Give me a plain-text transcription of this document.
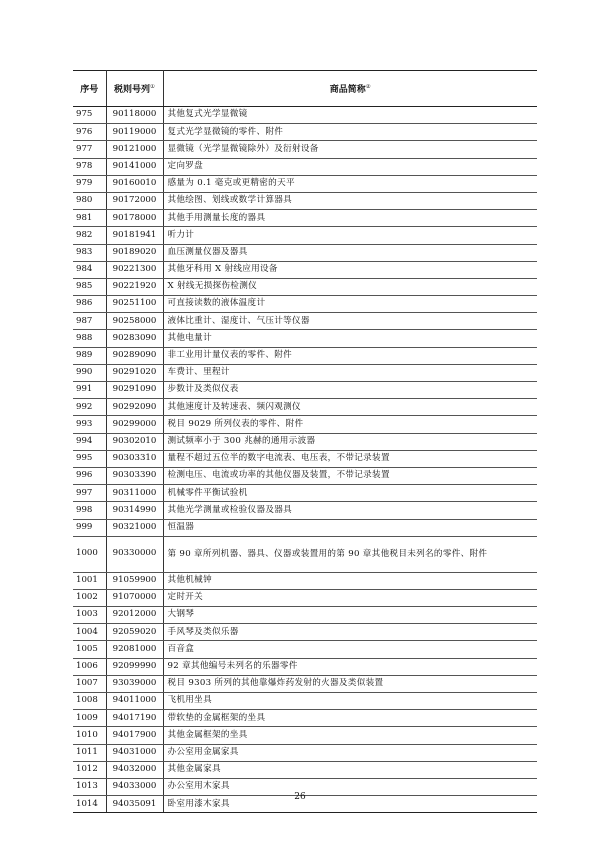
序号	税则号列①	商品简称②
975	90118000	其他复式光学显微镜
976	90119000	复式光学显微镜的零件、附件
977	90121000	显微镜（光学显微镜除外）及衍射设备
978	90141000	定向罗盘
979	90160010	感量为 0.1 毫克或更精密的天平
980	90172000	其他绘图、划线或数学计算器具
981	90178000	其他手用测量长度的器具
982	90181941	听力计
983	90189020	血压测量仪器及器具
984	90221300	其他牙科用 X 射线应用设备
985	90221920	X 射线无损探伤检测仪
986	90251100	可直接读数的液体温度计
987	90258000	液体比重计、湿度计、气压计等仪器
988	90283090	其他电量计
989	90289090	非工业用计量仪表的零件、附件
990	90291020	车费计、里程计
991	90291090	步数计及类似仪表
992	90292090	其他速度计及转速表、频闪观测仪
993	90299000	税目 9029 所列仪表的零件、附件
994	90302010	测试频率小于 300 兆赫的通用示波器
995	90303310	量程不超过五位半的数字电流表、电压表，不带记录装置
996	90303390	检测电压、电流或功率的其他仪器及装置，不带记录装置
997	90311000	机械零件平衡试验机
998	90314990	其他光学测量或检验仪器及器具
999	90321000	恒温器
1000	90330000	第 90 章所列机器、器具、仪器或装置用的第 90 章其他税目未列名的零件、附件
1001	91059900	其他机械钟
1002	91070000	定时开关
1003	92012000	大钢琴
1004	92059020	手风琴及类似乐器
1005	92081000	百音盒
1006	92099990	92 章其他编号未列名的乐器零件
1007	93039000	税目 9303 所列的其他靠爆炸药发射的火器及类似装置
1008	94011000	飞机用坐具
1009	94017190	带软垫的金属框架的坐具
1010	94017900	其他金属框架的坐具
1011	94031000	办公室用金属家具
1012	94032000	其他金属家具
1013	94033000	办公室用木家具
1014	94035091	卧室用漆木家具
26
